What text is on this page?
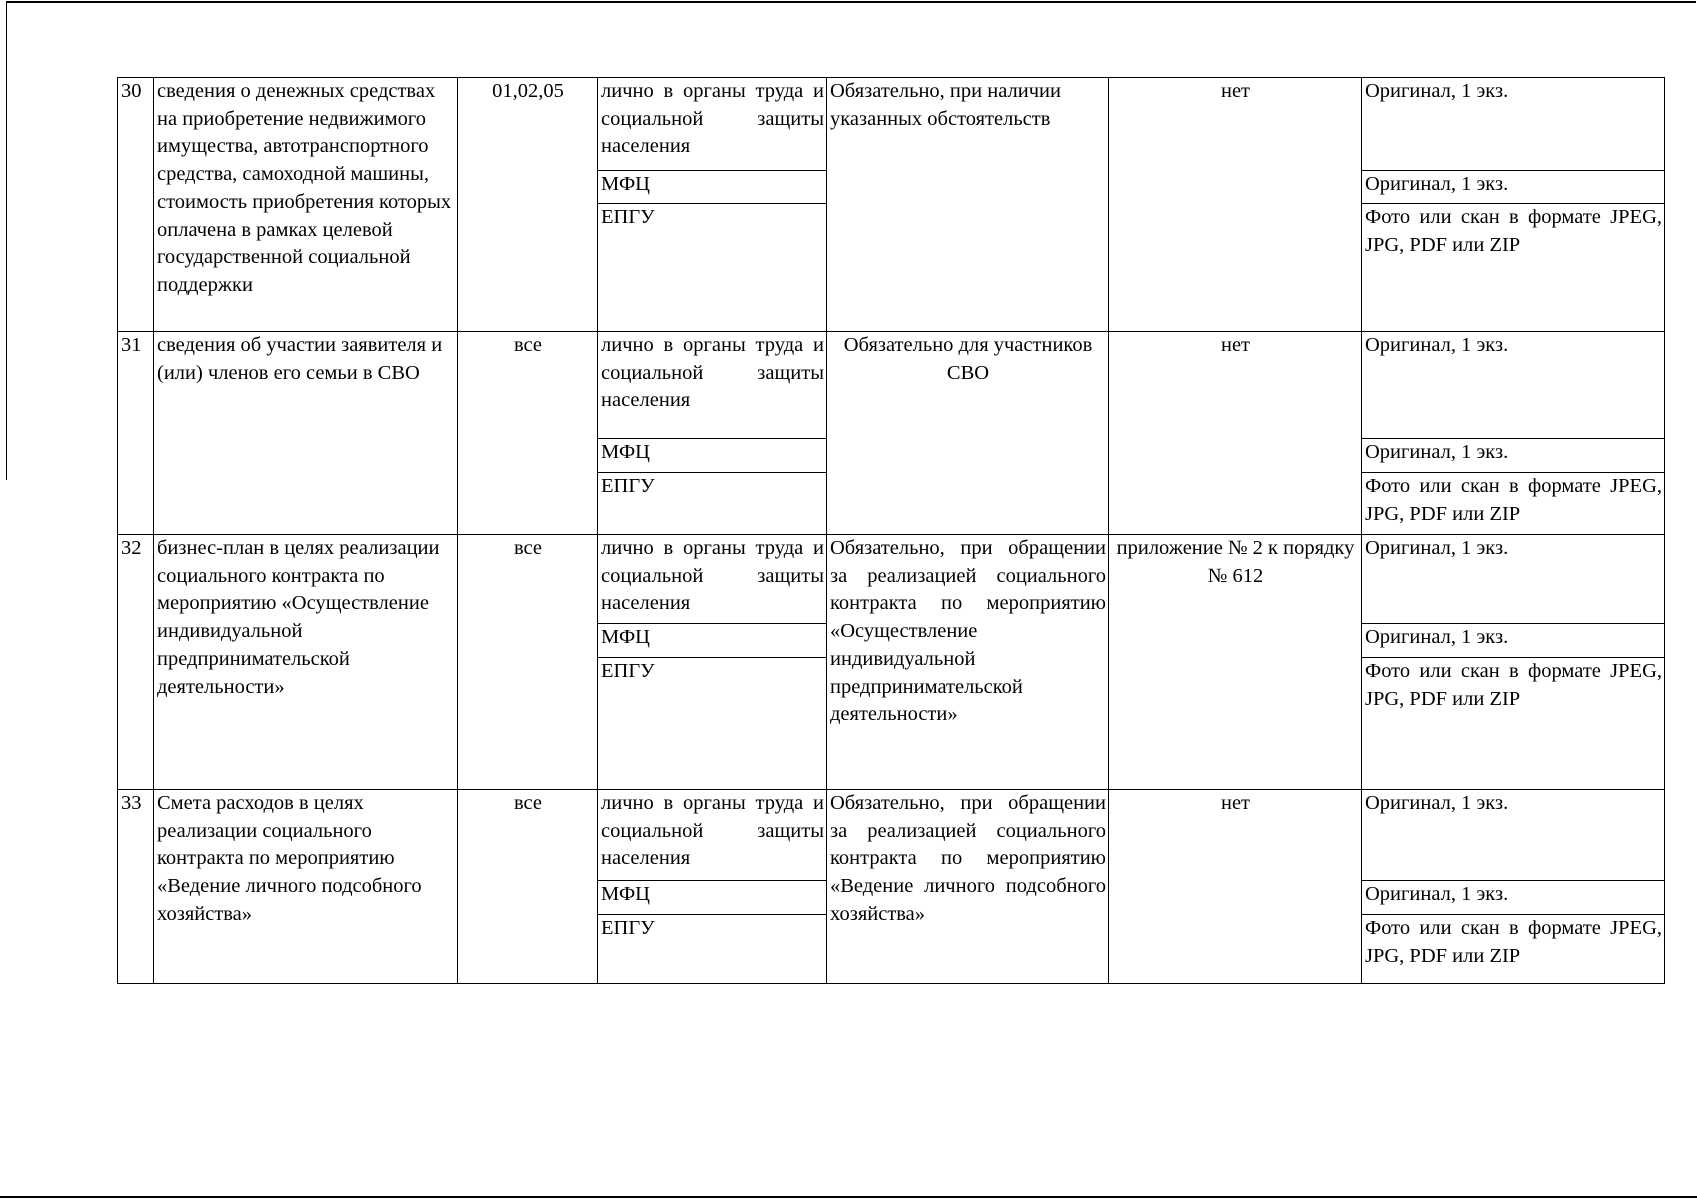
30	сведения о денежных средствах на приобретение недвижимого имущества, автотранспортного средства, самоходной машины, стоимость приобретения которых оплачена в рамках целевой государственной социальной поддержки	01,02,05	лично в органы труда и социальной защиты населения	Обязательно, при наличии указанных обстоятельств	нет	Оригинал, 1 экз.
			МФЦ			Оригинал, 1 экз.
			ЕПГУ			Фото или скан в формате JPEG, JPG, PDF или ZIP
31	сведения об участии заявителя и (или) членов его семьи в СВО	все	лично в органы труда и социальной защиты населения	Обязательно для участников СВО	нет	Оригинал, 1 экз.
			МФЦ			Оригинал, 1 экз.
			ЕПГУ			Фото или скан в формате JPEG, JPG, PDF или ZIP
32	бизнес-план в целях реализации социального контракта по мероприятию «Осуществление индивидуальной предпринимательской деятельности»	все	лично в органы труда и социальной защиты населения	Обязательно, при обращении за реализацией социального контракта по мероприятию «Осуществление индивидуальной предпринимательской деятельности»	приложение № 2 к порядку № 612	Оригинал, 1 экз.
			МФЦ			Оригинал, 1 экз.
			ЕПГУ			Фото или скан в формате JPEG, JPG, PDF или ZIP
33	Смета расходов в целях реализации социального контракта по мероприятию «Ведение личного подсобного хозяйства»	все	лично в органы труда и социальной защиты населения	Обязательно, при обращении за реализацией социального контракта по мероприятию «Ведение личного подсобного хозяйства»	нет	Оригинал, 1 экз.
			МФЦ			Оригинал, 1 экз.
			ЕПГУ			Фото или скан в формате JPEG, JPG, PDF или ZIP
